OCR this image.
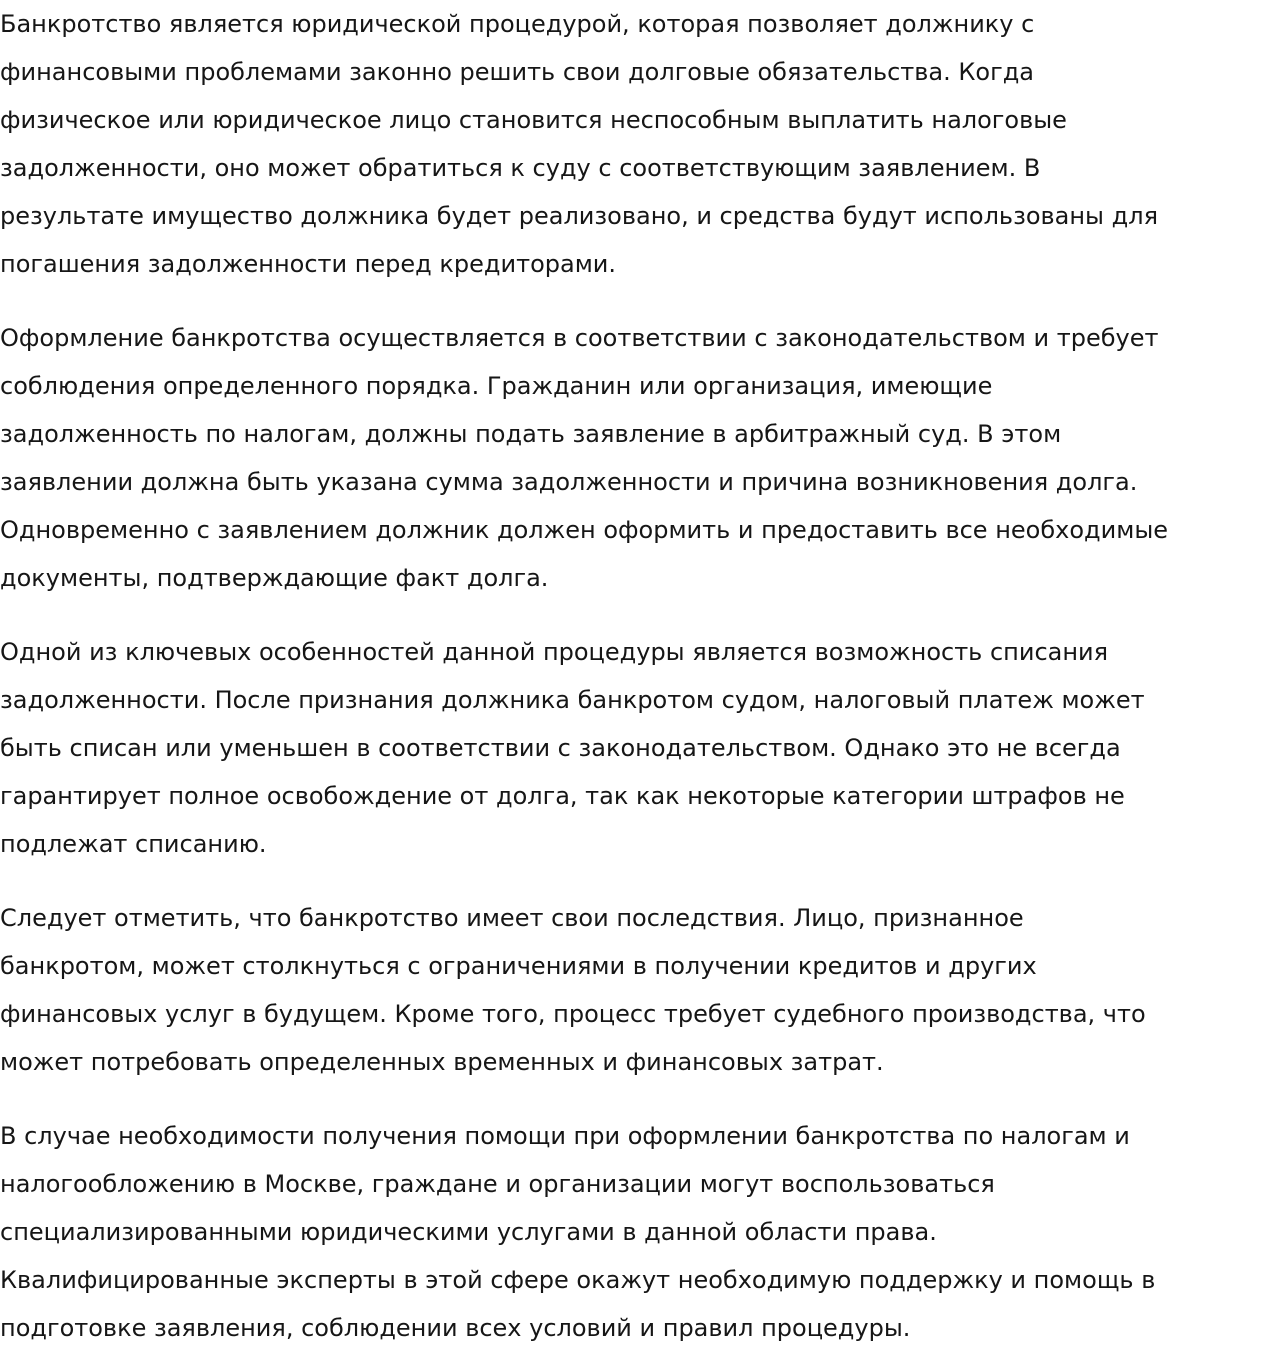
Банкротство является юридической процедурой, которая позволяет должнику с
финансовыми проблемами законно решить свои долговые обязательства. Когда
физическое или юридическое лицо становится неспособным выплатить налоговые
задолженности, оно может обратиться к суду с соответствующим заявлением. В
результате имущество должника будет реализовано, и средства будут использованы для
погашения задолженности перед кредиторами.

Оформление банкротства осуществляется в соответствии с законодательством и требует
соблюдения определенного порядка. Гражданин или организация, имеющие
задолженность по налогам, должны подать заявление в арбитражный суд. В этом
заявлении должна быть указана сумма задолженности и причина возникновения долга.
Одновременно с заявлением должник должен оформить и предоставить все необходимые
документы, подтверждающие факт долга.

Одной из ключевых особенностей данной процедуры является возможность списания
задолженности. После признания должника банкротом судом, налоговый платеж может
быть списан или уменьшен в соответствии с законодательством. Однако это не всегда
гарантирует полное освобождение от долга, так как некоторые категории штрафов не
подлежат списанию.

Следует отметить, что банкротство имеет свои последствия. Лицо, признанное
банкротом, может столкнуться с ограничениями в получении кредитов и других
финансовых услуг в будущем. Кроме того, процесс требует судебного производства, что
может потребовать определенных временных и финансовых затрат.

В случае необходимости получения помощи при оформлении банкротства по налогам и
налогообложению в Москве, граждане и организации могут воспользоваться
специализированными юридическими услугами в данной области права.
Квалифицированные эксперты в этой сфере окажут необходимую поддержку и помощь в
подготовке заявления, соблюдении всех условий и правил процедуры.
